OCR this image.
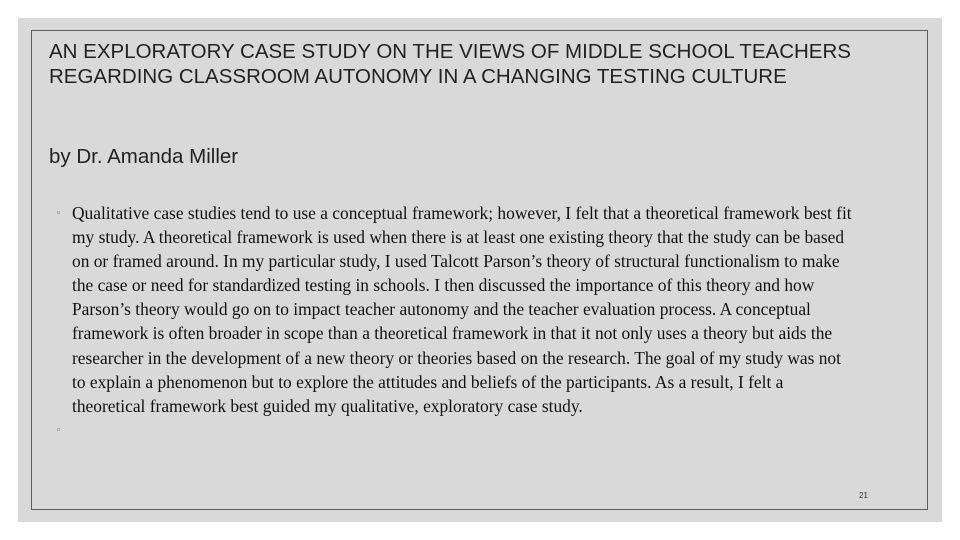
AN EXPLORATORY CASE STUDY ON THE VIEWS OF MIDDLE SCHOOL TEACHERS REGARDING CLASSROOM AUTONOMY IN A CHANGING TESTING CULTURE

by Dr. Amanda Miller

◦ Qualitative case studies tend to use a conceptual framework; however, I felt that a theoretical framework best fit my study. A theoretical framework is used when there is at least one existing theory that the study can be based on or framed around. In my particular study, I used Talcott Parson’s theory of structural functionalism to make the case or need for standardized testing in schools. I then discussed the importance of this theory and how Parson’s theory would go on to impact teacher autonomy and the teacher evaluation process. A conceptual framework is often broader in scope than a theoretical framework in that it not only uses a theory but aids the researcher in the development of a new theory or theories based on the research. The goal of my study was not to explain a phenomenon but to explore the attitudes and beliefs of the participants. As a result, I felt a theoretical framework best guided my qualitative, exploratory case study.
◦
21
